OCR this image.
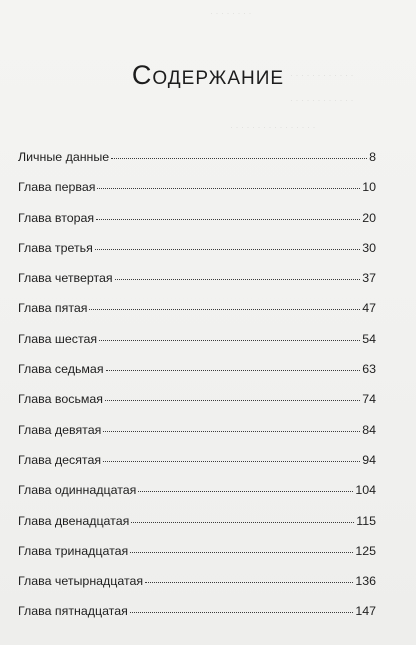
· · · · · · · ·
· · · · · · · · · · · ·
· · · · · · · · · · · ·
· · · · · · · · · · · · · · · ·
Содержание
Личные данные	8
Глава первая	10
Глава вторая	20
Глава третья	30
Глава четвертая	37
Глава пятая	47
Глава шестая	54
Глава седьмая	63
Глава восьмая	74
Глава девятая	84
Глава десятая	94
Глава одиннадцатая	104
Глава двенадцатая	115
Глава тринадцатая	125
Глава четырнадцатая	136
Глава пятнадцатая	147
